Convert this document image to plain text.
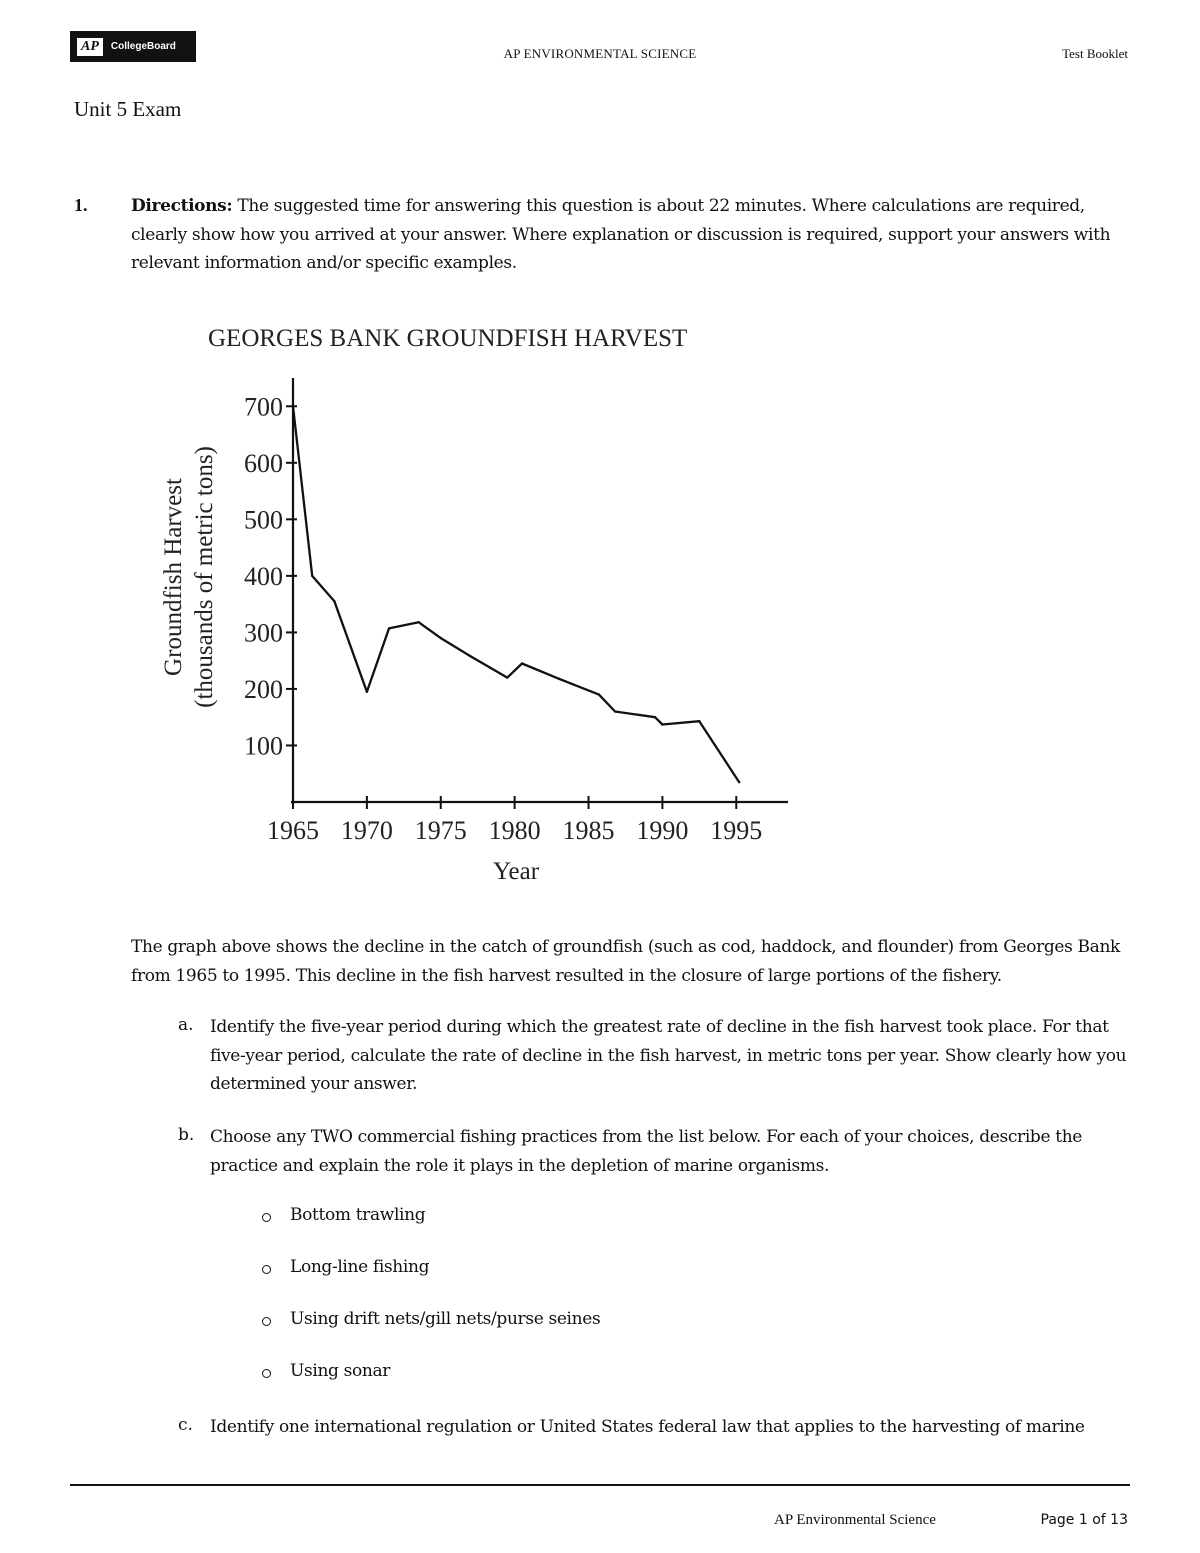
AP	CollegeBoard	AP ENVIRONMENTAL SCIENCE	Test Booklet
Unit 5 Exam
1.	Directions: The suggested time for answering this question is about 22 minutes. Where calculations are required, clearly show how you arrived at your answer. Where explanation or discussion is required, support your answers with relevant information and/or specific examples.
GEORGES BANK GROUNDFISH HARVEST
Groundfish Harvest (thousands of metric tons)
Year
100
200
300
400
500
600
700
1965 1970 1975 1980 1985 1990 1995
The graph above shows the decline in the catch of groundfish (such as cod, haddock, and flounder) from Georges Bank from 1965 to 1995. This decline in the fish harvest resulted in the closure of large portions of the fishery.
a. Identify the five-year period during which the greatest rate of decline in the fish harvest took place. For that five-year period, calculate the rate of decline in the fish harvest, in metric tons per year. Show clearly how you determined your answer.
b. Choose any TWO commercial fishing practices from the list below. For each of your choices, describe the practice and explain the role it plays in the depletion of marine organisms.
Bottom trawling
Long-line fishing
Using drift nets/gill nets/purse seines
Using sonar
c. Identify one international regulation or United States federal law that applies to the harvesting of marine
AP Environmental Science	Page 1 of 13
